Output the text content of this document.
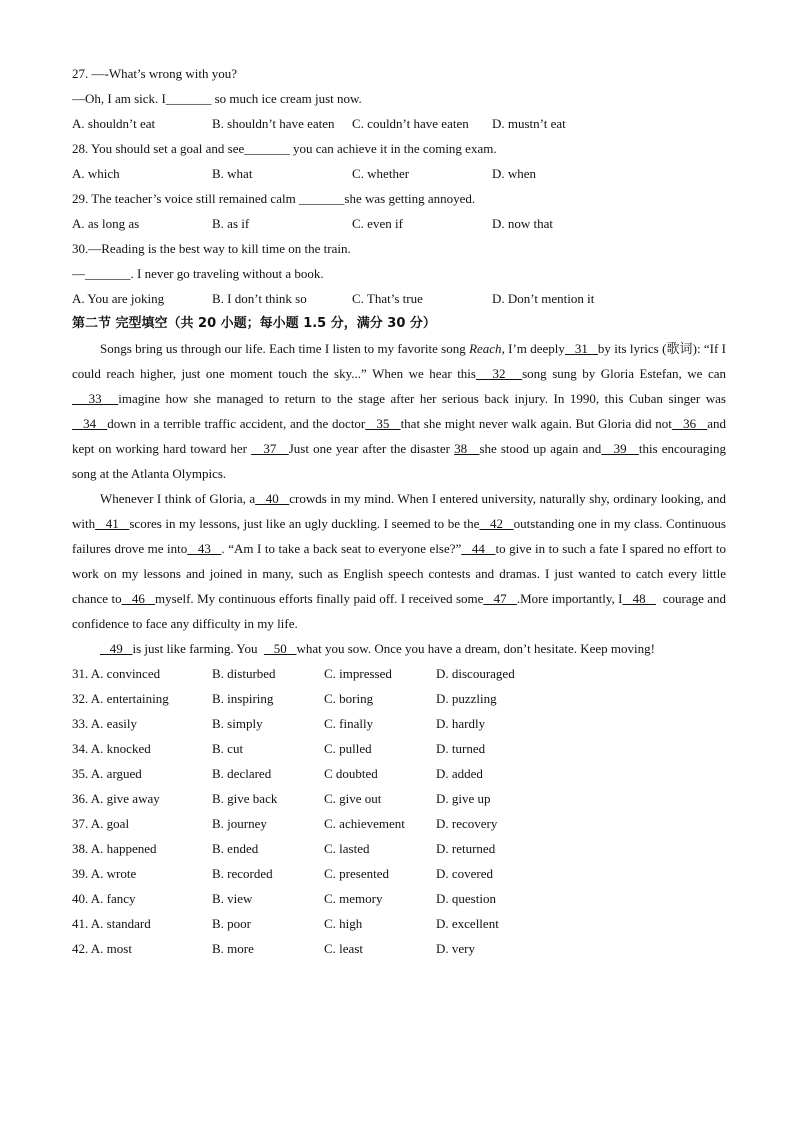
27. —-What’s wrong with you?
—Oh, I am sick. I_______ so much ice cream just now.
A. shouldn’t eat	B. shouldn’t have eaten C. couldn’t have eaten D. mustn’t eat
28. You should set a goal and see_______ you can achieve it in the coming exam.
A. which	B. what	C. whether	D. when
29. The teacher’s voice still remained calm _______she was getting annoyed.
A. as long as	B. as if	C. even if	D. now that
30.—Reading is the best way to kill time on the train.
—_______. I never go traveling without a book.
A. You are joking	B. I don’t think so	C. That’s true	D. Don’t mention it
第二节 完型填空（共 20 小题；每小题 1.5 分，满分 30 分）

Songs bring us through our life. Each time I listen to my favorite song Reach, I’m deeply   31   by its lyrics (歌词): “If I could reach higher, just one moment touch the sky...” When we hear this   32   song sung by Gloria Estefan, we can   33   imagine how she managed to return to the stage after her serious back injury. In 1990, this Cuban singer was   34   down in a terrible traffic accident, and the doctor   35   that she might never walk again. But Gloria did not   36   and kept on working hard toward her    37   Just one year after the disaster 38   she stood up again and   39   this encouraging song at the Atlanta Olympics.

Whenever I think of Gloria, a   40   crowds in my mind. When I entered university, naturally shy, ordinary looking, and with   41   scores in my lessons, just like an ugly duckling. I seemed to be the   42   outstanding one in my class. Continuous failures drove me into   43   . “Am I to take a back seat to everyone else?”   44   to give in to such a fate I spared no effort to work on my lessons and joined in many, such as English speech contests and dramas. I just wanted to catch every little chance to   46   myself. My continuous efforts finally paid off. I received some   47   .More importantly, I   48     courage and confidence to face any difficulty in my life.

49   is just like farming. You     50   what you sow. Once you have a dream, don’t hesitate. Keep moving!

31. A. convinced	B. disturbed	C. impressed	D. discouraged
32. A. entertaining	B. inspiring	C. boring	D. puzzling
33. A. easily	B. simply	C. finally	D. hardly
34. A. knocked	B. cut	C. pulled	D. turned
35. A. argued	B. declared	C doubted	D. added
36. A. give away	B. give back	C. give out	D. give up
37. A. goal	B. journey	C. achievement D. recovery
38. A. happened	B. ended	C. lasted	D. returned
39. A. wrote	B. recorded	C. presented	D. covered
40. A. fancy	B. view	C. memory	D. question
41. A. standard	B. poor	C. high	D. excellent
42. A. most	B. more	C. least	D. very
